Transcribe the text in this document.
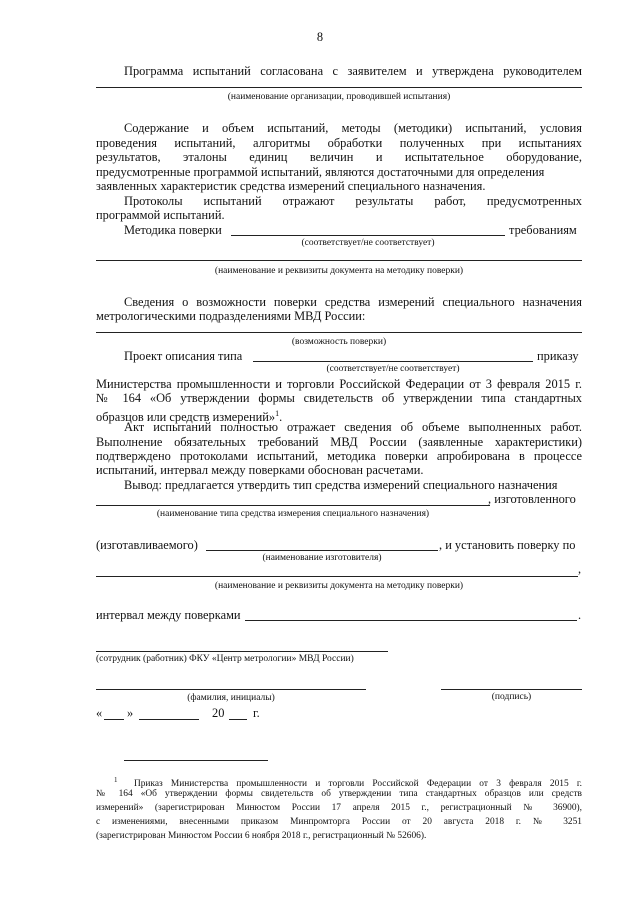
8
Программа испытаний согласована с заявителем и утверждена руководителем
(наименование организации, проводившей испытания)
Содержание и объем испытаний, методы (методики) испытаний, условия
проведения испытаний, алгоритмы обработки полученных при испытаниях
результатов, эталоны единиц величин и испытательное оборудование,
предусмотренные программой испытаний, являются достаточными для определения
заявленных характеристик средства измерений специального назначения.
Протоколы испытаний отражают результаты работ, предусмотренных
программой испытаний.
Методика поверки	требованиям
(соответствует/не соответствует)
(наименование и реквизиты документа на методику поверки)
Сведения о возможности поверки средства измерений специального назначения
метрологическими подразделениями МВД России:
(возможность поверки)
Проект описания типа	приказу
(соответствует/не соответствует)
Министерства промышленности и торговли Российской Федерации от 3 февраля 2015 г.
№ 164 «Об утверждении формы свидетельств об утверждении типа стандартных
образцов или средств измерений»$^1$.
Акт испытаний полностью отражает сведения об объеме выполненных работ.
Выполнение обязательных требований МВД России (заявленные характеристики)
подтверждено протоколами испытаний, методика поверки апробирована в процессе
испытаний, интервал между поверками обоснован расчетами.
Вывод: предлагается утвердить тип средства измерений специального назначения
, изготовленного
(наименование типа средства измерения специального назначения)
(изготавливаемого)	, и установить поверку по
(наименование изготовителя)
,
(наименование и реквизиты документа на методику поверки)
интервал между поверками	.
(сотрудник (работник) ФКУ «Центр метрологии» МВД России)
(фамилия, инициалы)	(подпись)
« »	20 г.
$^1$ Приказ Министерства промышленности и торговли Российской Федерации от 3 февраля 2015 г.
№ 164 «Об утверждении формы свидетельств об утверждении типа стандартных образцов или средств
измерений» (зарегистрирован Минюстом России 17 апреля 2015 г., регистрационный № 36900),
с изменениями, внесенными приказом Минпромторга России от 20 августа 2018 г. № 3251
(зарегистрирован Минюстом России 6 ноября 2018 г., регистрационный № 52606).
